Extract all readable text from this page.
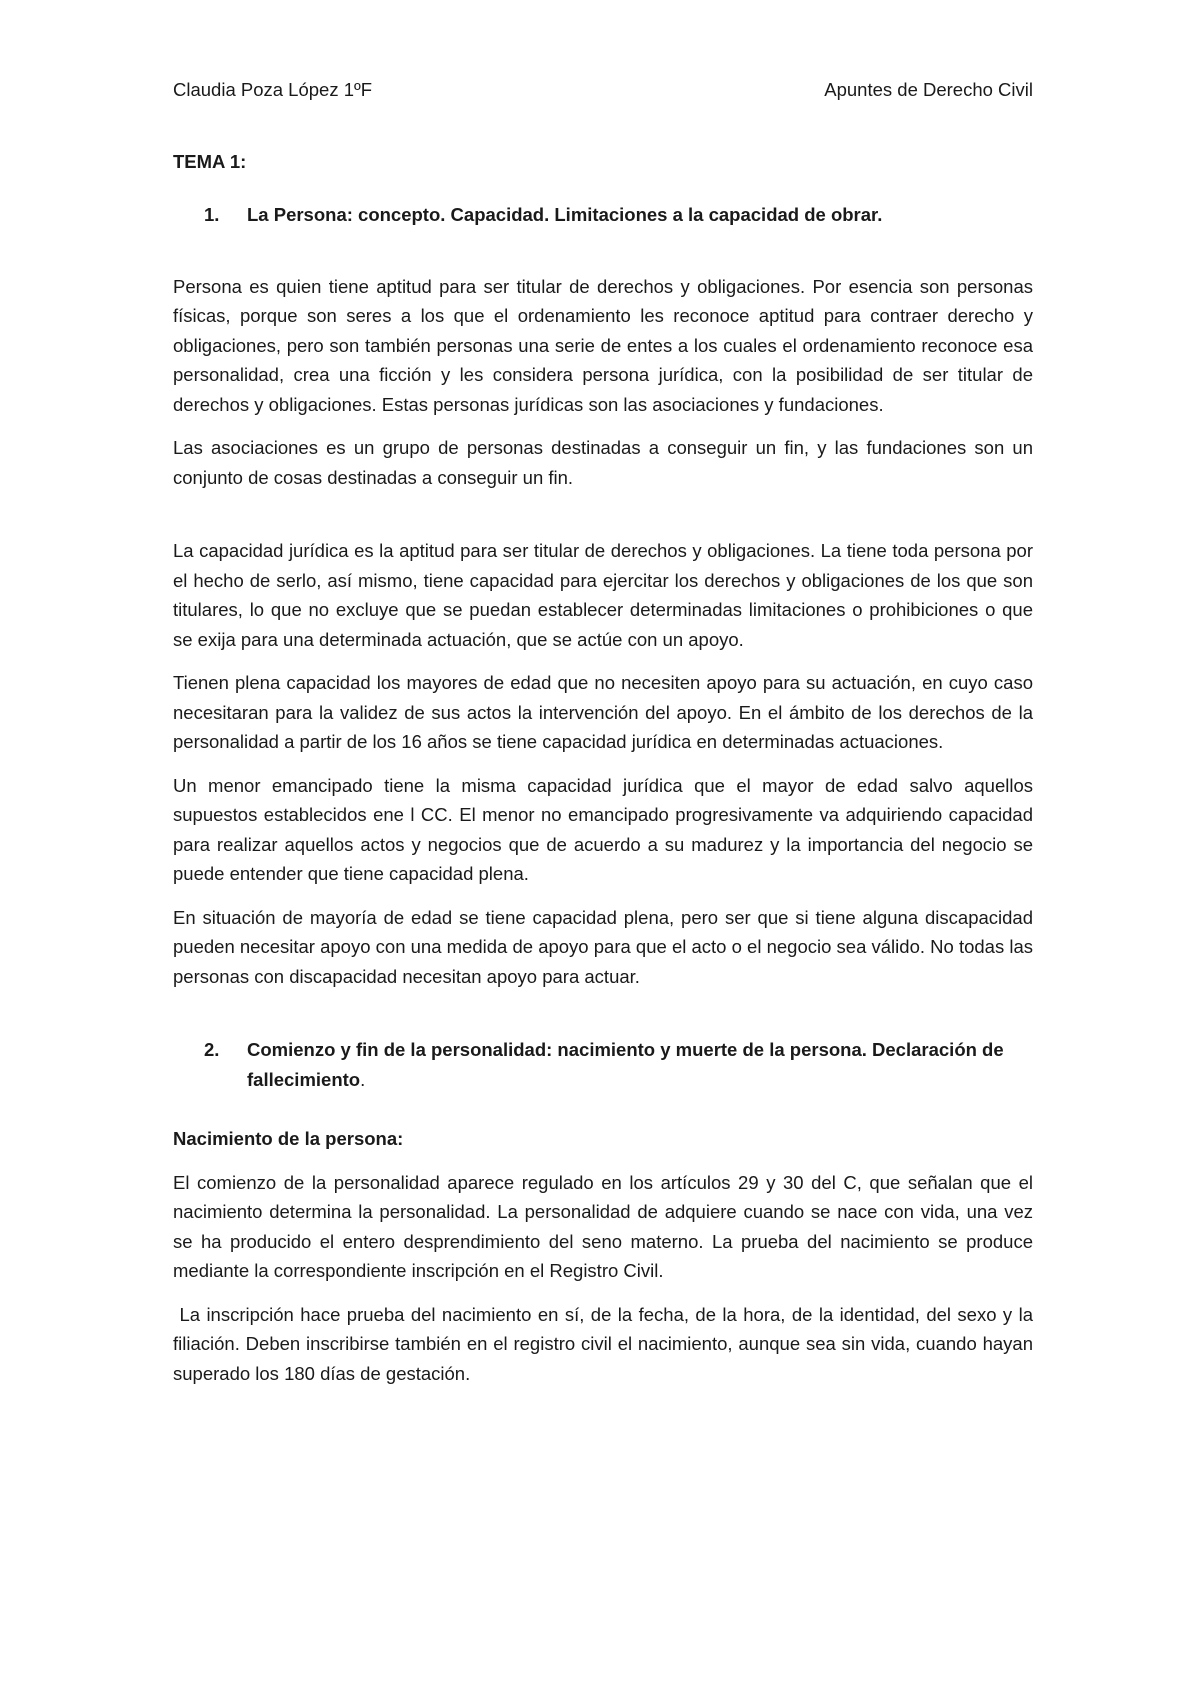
Claudia Poza López 1ºF	Apuntes de Derecho Civil

TEMA 1:

1.	La Persona: concepto. Capacidad. Limitaciones a la capacidad de obrar.

Persona es quien tiene aptitud para ser titular de derechos y obligaciones. Por esencia son personas físicas, porque son seres a los que el ordenamiento les reconoce aptitud para contraer derecho y obligaciones, pero son también personas una serie de entes a los cuales el ordenamiento reconoce esa personalidad, crea una ficción y les considera persona jurídica, con la posibilidad de ser titular de derechos y obligaciones. Estas personas jurídicas son las asociaciones y fundaciones.

Las asociaciones es un grupo de personas destinadas a conseguir un fin, y las fundaciones son un conjunto de cosas destinadas a conseguir un fin.

La capacidad jurídica es la aptitud para ser titular de derechos y obligaciones. La tiene toda persona por el hecho de serlo, así mismo, tiene capacidad para ejercitar los derechos y obligaciones de los que son titulares, lo que no excluye que se puedan establecer determinadas limitaciones o prohibiciones o que se exija para una determinada actuación, que se actúe con un apoyo.

Tienen plena capacidad los mayores de edad que no necesiten apoyo para su actuación, en cuyo caso necesitaran para la validez de sus actos la intervención del apoyo. En el ámbito de los derechos de la personalidad a partir de los 16 años se tiene capacidad jurídica en determinadas actuaciones.

Un menor emancipado tiene la misma capacidad jurídica que el mayor de edad salvo aquellos supuestos establecidos ene l CC. El menor no emancipado progresivamente va adquiriendo capacidad para realizar aquellos actos y negocios que de acuerdo a su madurez y la importancia del negocio se puede entender que tiene capacidad plena.

En situación de mayoría de edad se tiene capacidad plena, pero ser que si tiene alguna discapacidad pueden necesitar apoyo con una medida de apoyo para que el acto o el negocio sea válido. No todas las personas con discapacidad necesitan apoyo para actuar.

2.	Comienzo y fin de la personalidad: nacimiento y muerte de la persona. Declaración de fallecimiento.

Nacimiento de la persona:

El comienzo de la personalidad aparece regulado en los artículos 29 y 30 del C, que señalan que el nacimiento determina la personalidad. La personalidad de adquiere cuando se nace con vida, una vez se ha producido el entero desprendimiento del seno materno. La prueba del nacimiento se produce mediante la correspondiente inscripción en el Registro Civil.

La inscripción hace prueba del nacimiento en sí, de la fecha, de la hora, de la identidad, del sexo y la filiación. Deben inscribirse también en el registro civil el nacimiento, aunque sea sin vida, cuando hayan superado los 180 días de gestación.
